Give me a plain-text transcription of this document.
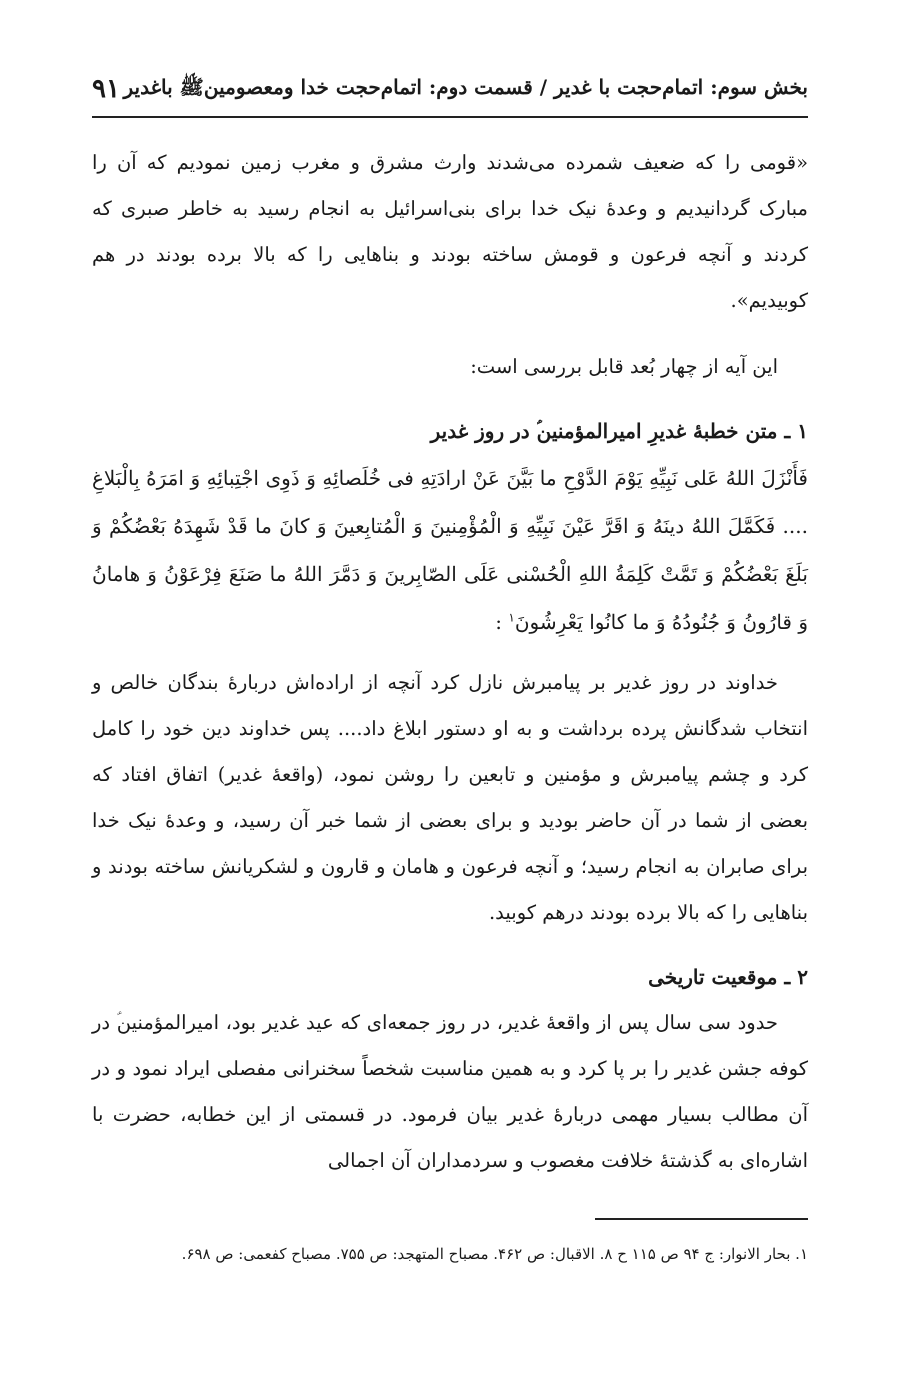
۹۱ بخش سوم: اتمام‌حجت با غدیر / قسمت دوم: اتمام‌حجت خدا ومعصومین‌ﷺ باغدیر

«قومی را که ضعیف شمرده می‌شدند وارث مشرق و مغرب زمین نمودیم که آن را مبارک گردانیدیم و وعدهٔ نیک خدا برای بنی‌اسرائیل به انجام رسید به خاطر صبری که کردند و آنچه فرعون و قومش ساخته بودند و بناهایی را که بالا برده بودند در هم کوبیدیم».

این آیه از چهار بُعد قابل بررسی است:

۱ ـ متن خطبهٔ غدیرِ امیرالمؤمنین‌ؑ در روز غدیر

فَأَنْزَلَ اللهُ عَلی نَبِیِّهِ یَوْمَ الدَّوْحِ ما بَیَّنَ عَنْ ارادَتِهِ فی خُلَصائِهِ وَ ذَوِی اجْتِبائِهِ وَ امَرَهُ بِالْبَلاغِ .... فَکَمَّلَ اللهُ دینَهُ وَ اقَرَّ عَیْنَ نَبِیِّهِ وَ الْمُؤْمِنینَ وَ الْمُتابِعینَ وَ کانَ ما قَدْ شَهِدَهُ بَعْضُکُمْ وَ بَلَغَ بَعْضُکُمْ وَ تَمَّتْ کَلِمَةُ اللهِ الْحُسْنی عَلَی الصّابِرینَ وَ دَمَّرَ اللهُ ما صَنَعَ فِرْعَوْنُ وَ هامانُ وَ قارُونُ وَ جُنُودُهُ وَ ما کانُوا یَعْرِشُونَ$^۱$ :

خداوند در روز غدیر بر پیامبرش نازل کرد آنچه از اراده‌اش دربارهٔ بندگان خالص و انتخاب شدگانش پرده برداشت و به او دستور ابلاغ داد.... پس خداوند دین خود را کامل کرد و چشم پیامبرش و مؤمنین و تابعین را روشن نمود، (واقعهٔ غدیر) اتفاق افتاد که بعضی از شما در آن حاضر بودید و برای بعضی از شما خبر آن رسید، و وعدهٔ نیک خدا برای صابران به انجام رسید؛ و آنچه فرعون و هامان و قارون و لشکریانش ساخته بودند و بناهایی را که بالا برده بودند درهم کوبید.

۲ ـ موقعیت تاریخی

حدود سی سال پس از واقعهٔ غدیر، در روز جمعه‌ای که عید غدیر بود، امیرالمؤمنین‌ؑ در کوفه جشن غدیر را بر پا کرد و به همین مناسبت شخصاً سخنرانی مفصلی ایراد نمود و در آن مطالب بسیار مهمی دربارهٔ غدیر بیان فرمود. در قسمتی از این خطابه، حضرت با اشاره‌ای به گذشتهٔ خلافت مغصوب و سردمداران آن اجمالی

۱. بحار الانوار: ج ۹۴ ص ۱۱۵ ح ۸. الاقبال: ص ۴۶۲. مصباح المتهجد: ص ۷۵۵. مصباح کفعمی: ص ۶۹۸.
